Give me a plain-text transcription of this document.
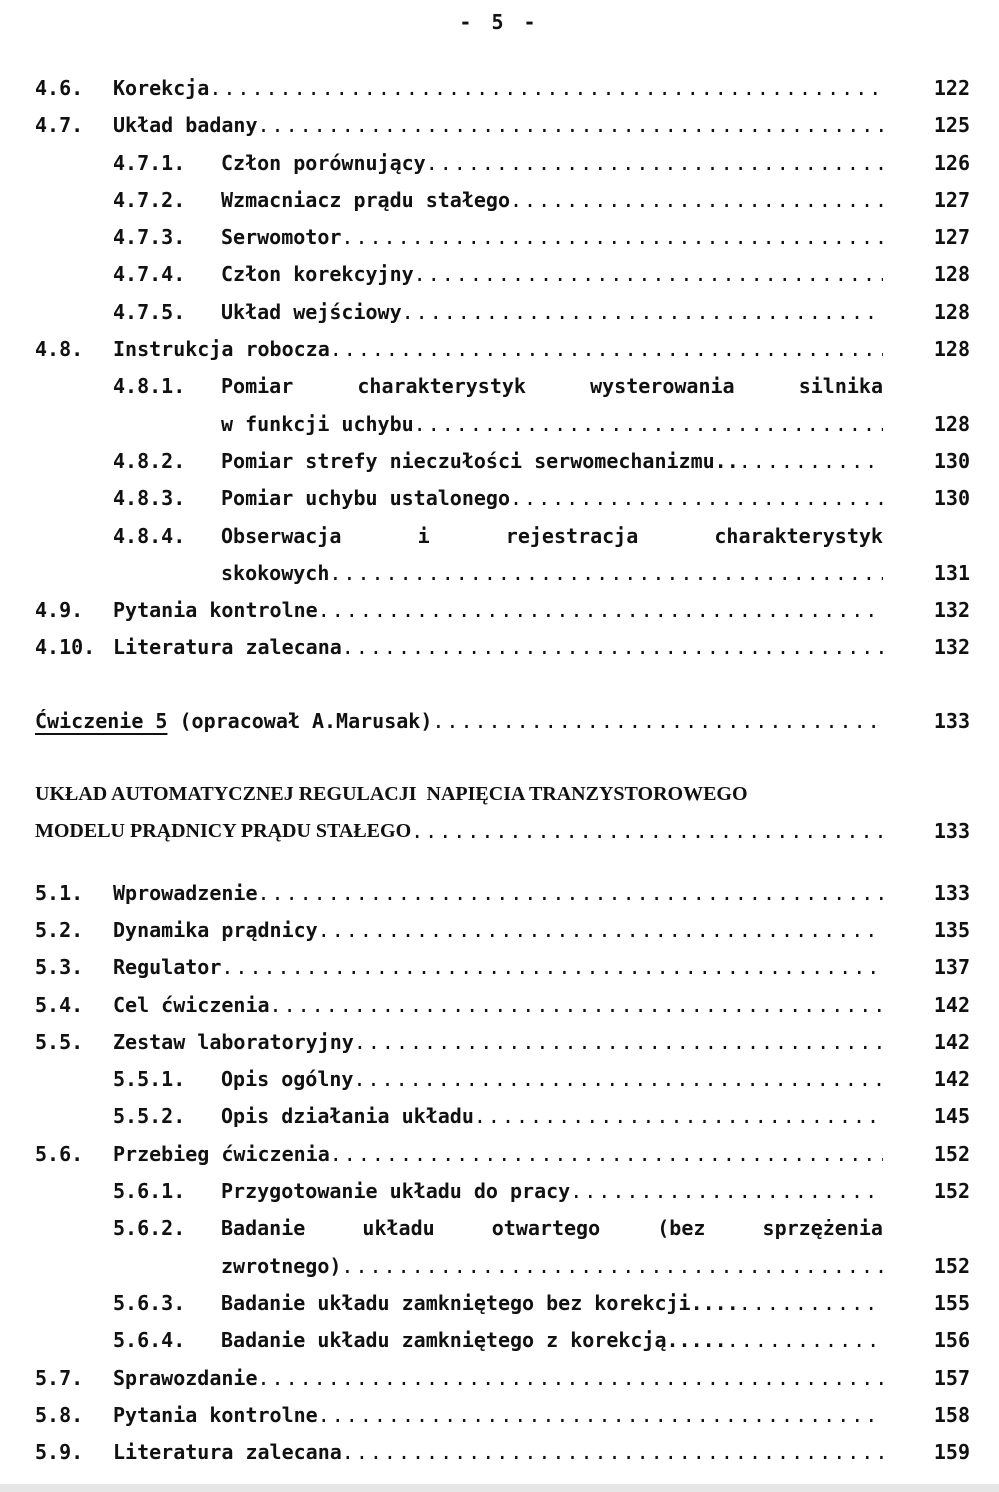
- 5 -
4.6. Korekcja .....	122
4.7. Układ badany .....	125
4.7.1. Człon porównujący .....	126
4.7.2. Wzmacniacz prądu stałego .....	127
4.7.3. Serwomotor .....	127
4.7.4. Człon korekcyjny .....	128
4.7.5. Układ wejściowy .....	128
4.8. Instrukcja robocza .....	128
4.8.1. Pomiar	charakterystyk	wysterowania	silnika
w funkcji uchybu .....	128
4.8.2. Pomiar strefy nieczułości serwomechanizmu.. .....	130
4.8.3. Pomiar uchybu ustalonego .....	130
4.8.4. Obserwacja	i	rejestracja	charakterystyk
skokowych .....	131
4.9. Pytania kontrolne .....	132
4.10. Literatura zalecana .....	132
Ćwiczenie 5 (opracował A.Marusak) .....	133
UKŁAD AUTOMATYCZNEJ REGULACJI  NAPIĘCIA TRANZYSTOROWEGO
MODELU PRĄDNICY PRĄDU STAŁEGO .....	133
5.1. Wprowadzenie .....	133
5.2. Dynamika prądnicy .....	135
5.3. Regulator .....	137
5.4. Cel ćwiczenia .....	142
5.5. Zestaw laboratoryjny .....	142
5.5.1. Opis ogólny .....	142
5.5.2. Opis działania układu .....	145
5.6. Przebieg ćwiczenia .....	152
5.6.1. Przygotowanie układu do pracy .....	152
5.6.2. Badanie	układu	otwartego	(bez	sprzężenia
zwrotnego) .....	152
5.6.3. Badanie układu zamkniętego bez korekcji.... .....	155
5.6.4. Badanie układu zamkniętego z korekcją..... .....	156
5.7. Sprawozdanie .....	157
5.8. Pytania kontrolne .....	158
5.9. Literatura zalecana .....	159
